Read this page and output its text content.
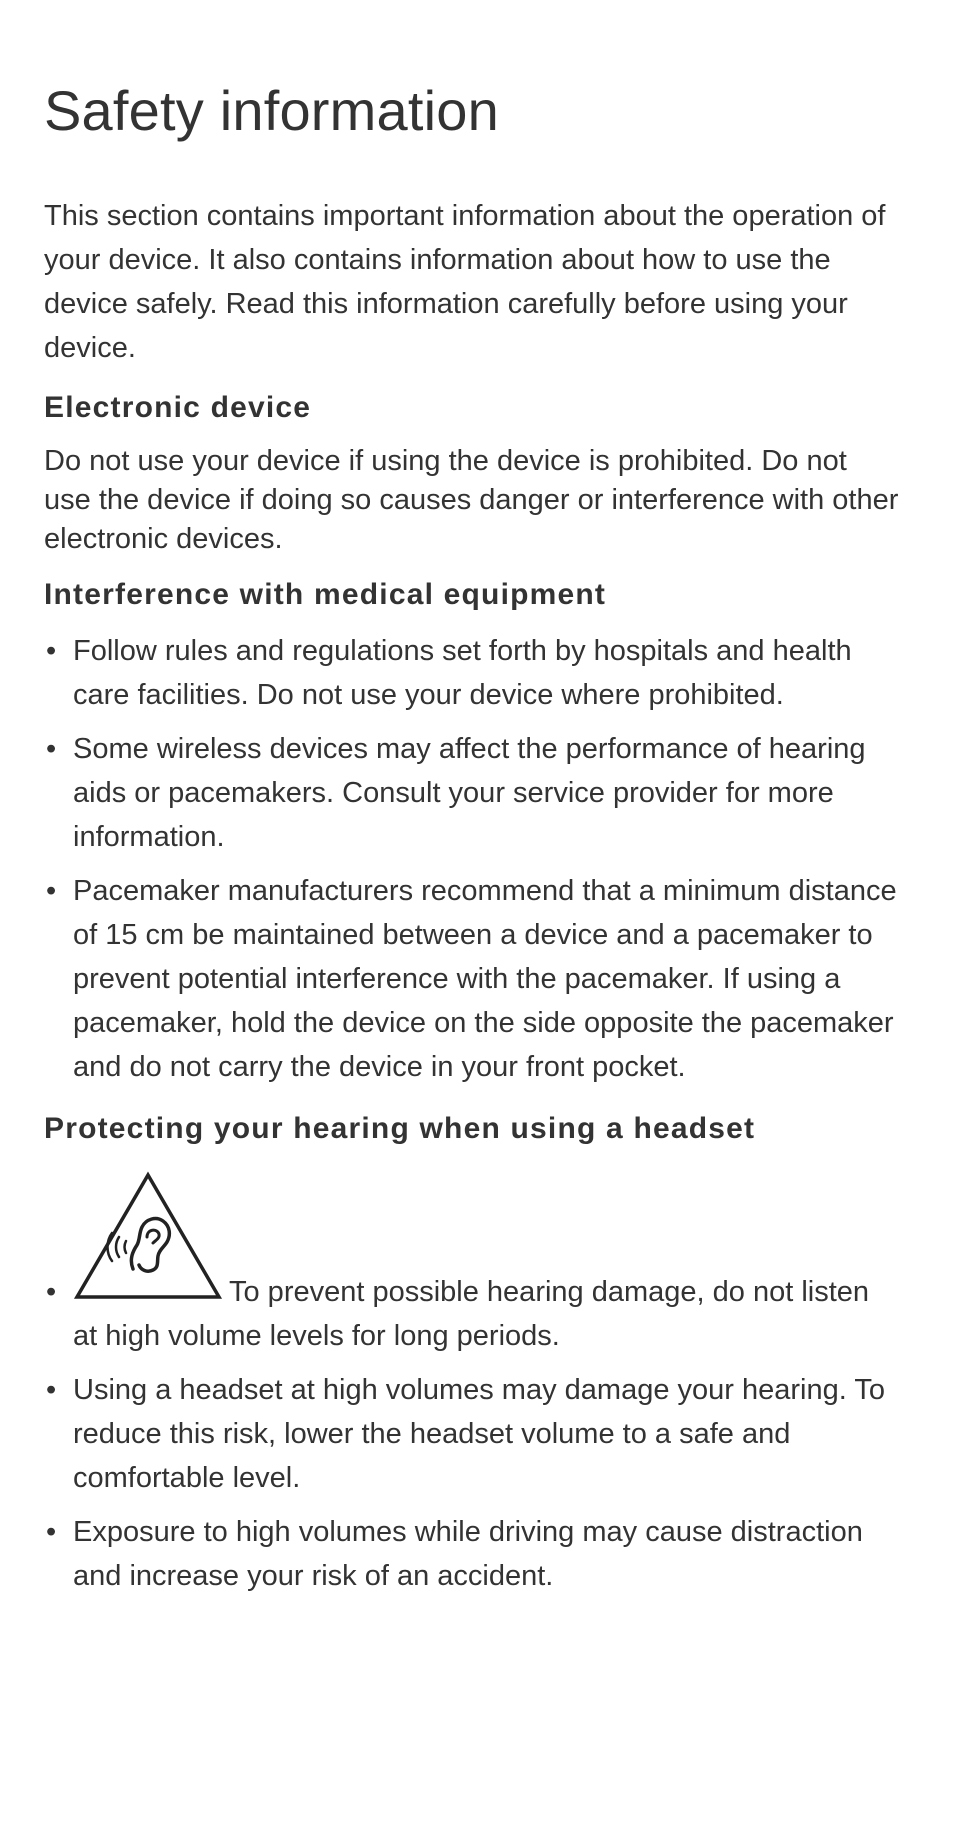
Safety information

This section contains important information about the operation of your device. It also contains information about how to use the device safely. Read this information carefully before using your device.

Electronic device

Do not use your device if using the device is prohibited. Do not use the device if doing so causes danger or interference with other electronic devices.

Interference with medical equipment
• Follow rules and regulations set forth by hospitals and health care facilities. Do not use your device where prohibited.
• Some wireless devices may affect the performance of hearing aids or pacemakers. Consult your service provider for more information.
• Pacemaker manufacturers recommend that a minimum distance of 15 cm be maintained between a device and a pacemaker to prevent potential interference with the pacemaker. If using a pacemaker, hold the device on the side opposite the pacemaker and do not carry the device in your front pocket.
Protecting your hearing when using a headset
•	To prevent possible hearing damage, do not listen at high volume levels for long periods.
• Using a headset at high volumes may damage your hearing. To reduce this risk, lower the headset volume to a safe and comfortable level.
• Exposure to high volumes while driving may cause distraction and increase your risk of an accident.
